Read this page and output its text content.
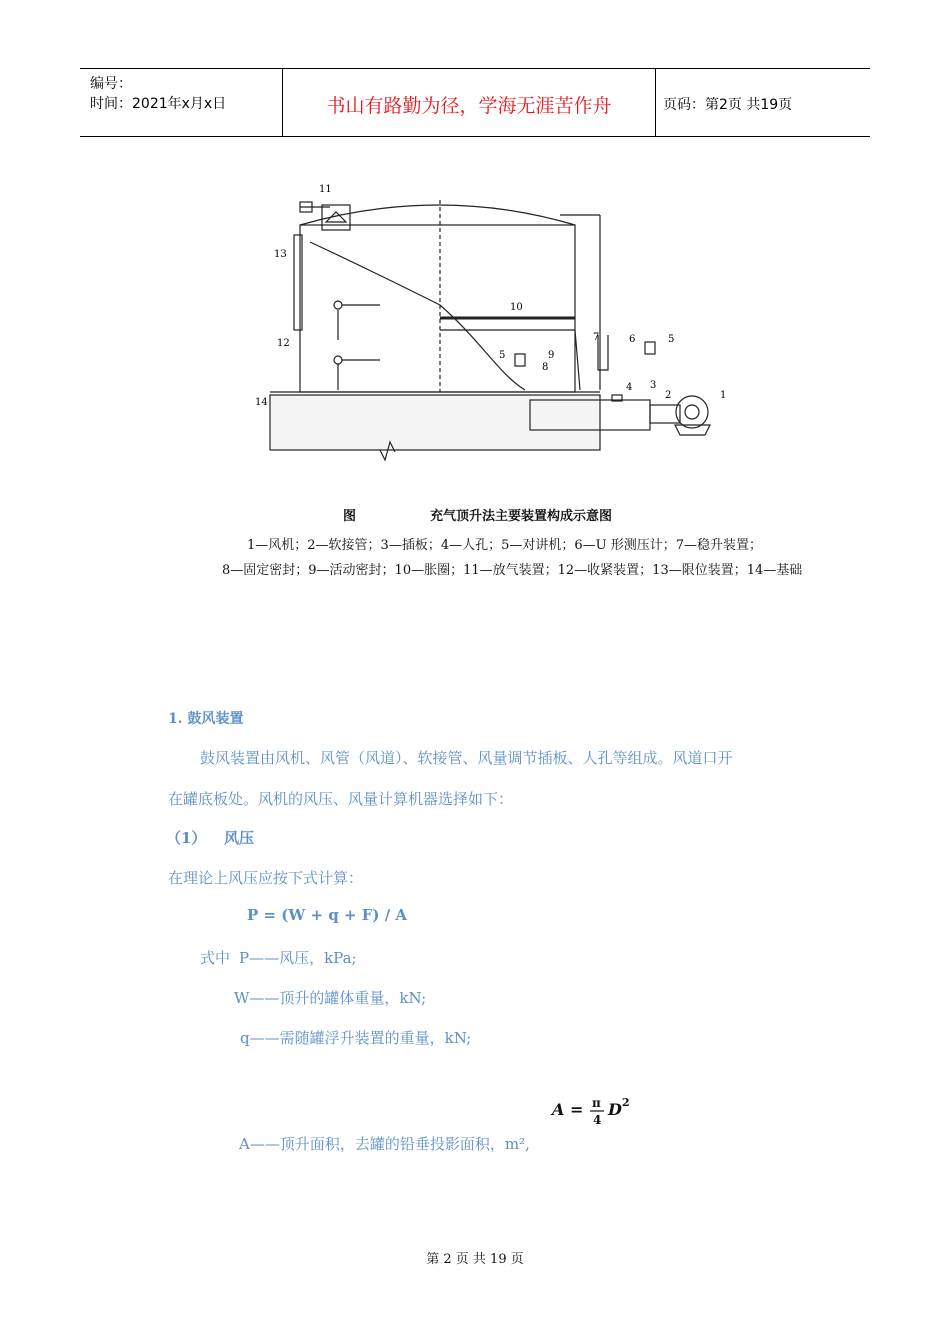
编号：
时间：2021年x月x日	书山有路勤为径，学海无涯苦作舟	页码：第2页 共19页
1
2
3
4
5
6
7
8
9
10
11
12
13
14
5
图	充气顶升法主要装置构成示意图
1—风机；2—软接管；3—插板；4—人孔；5—对讲机；6—U 形测压计；7—稳升装置；
8—固定密封；9—活动密封；10—胀圈；11—放气装置；12—收紧装置；13—限位装置；14—基础
1. 鼓风装置
鼓风装置由风机、风管（风道）、软接管、风量调节插板、人孔等组成。风道口开
在罐底板处。风机的风压、风量计算机器选择如下：
（1） 风压
在理论上风压应按下式计算：
P = (W + q + F) / A
式中 P——风压，kPa;
W——顶升的罐体重量，kN;
q——需随罐浮升装置的重量，kN;
A = π
4
D 2
A——顶升面积，去罐的铅垂投影面积，m²,
第 2 页 共 19 页
